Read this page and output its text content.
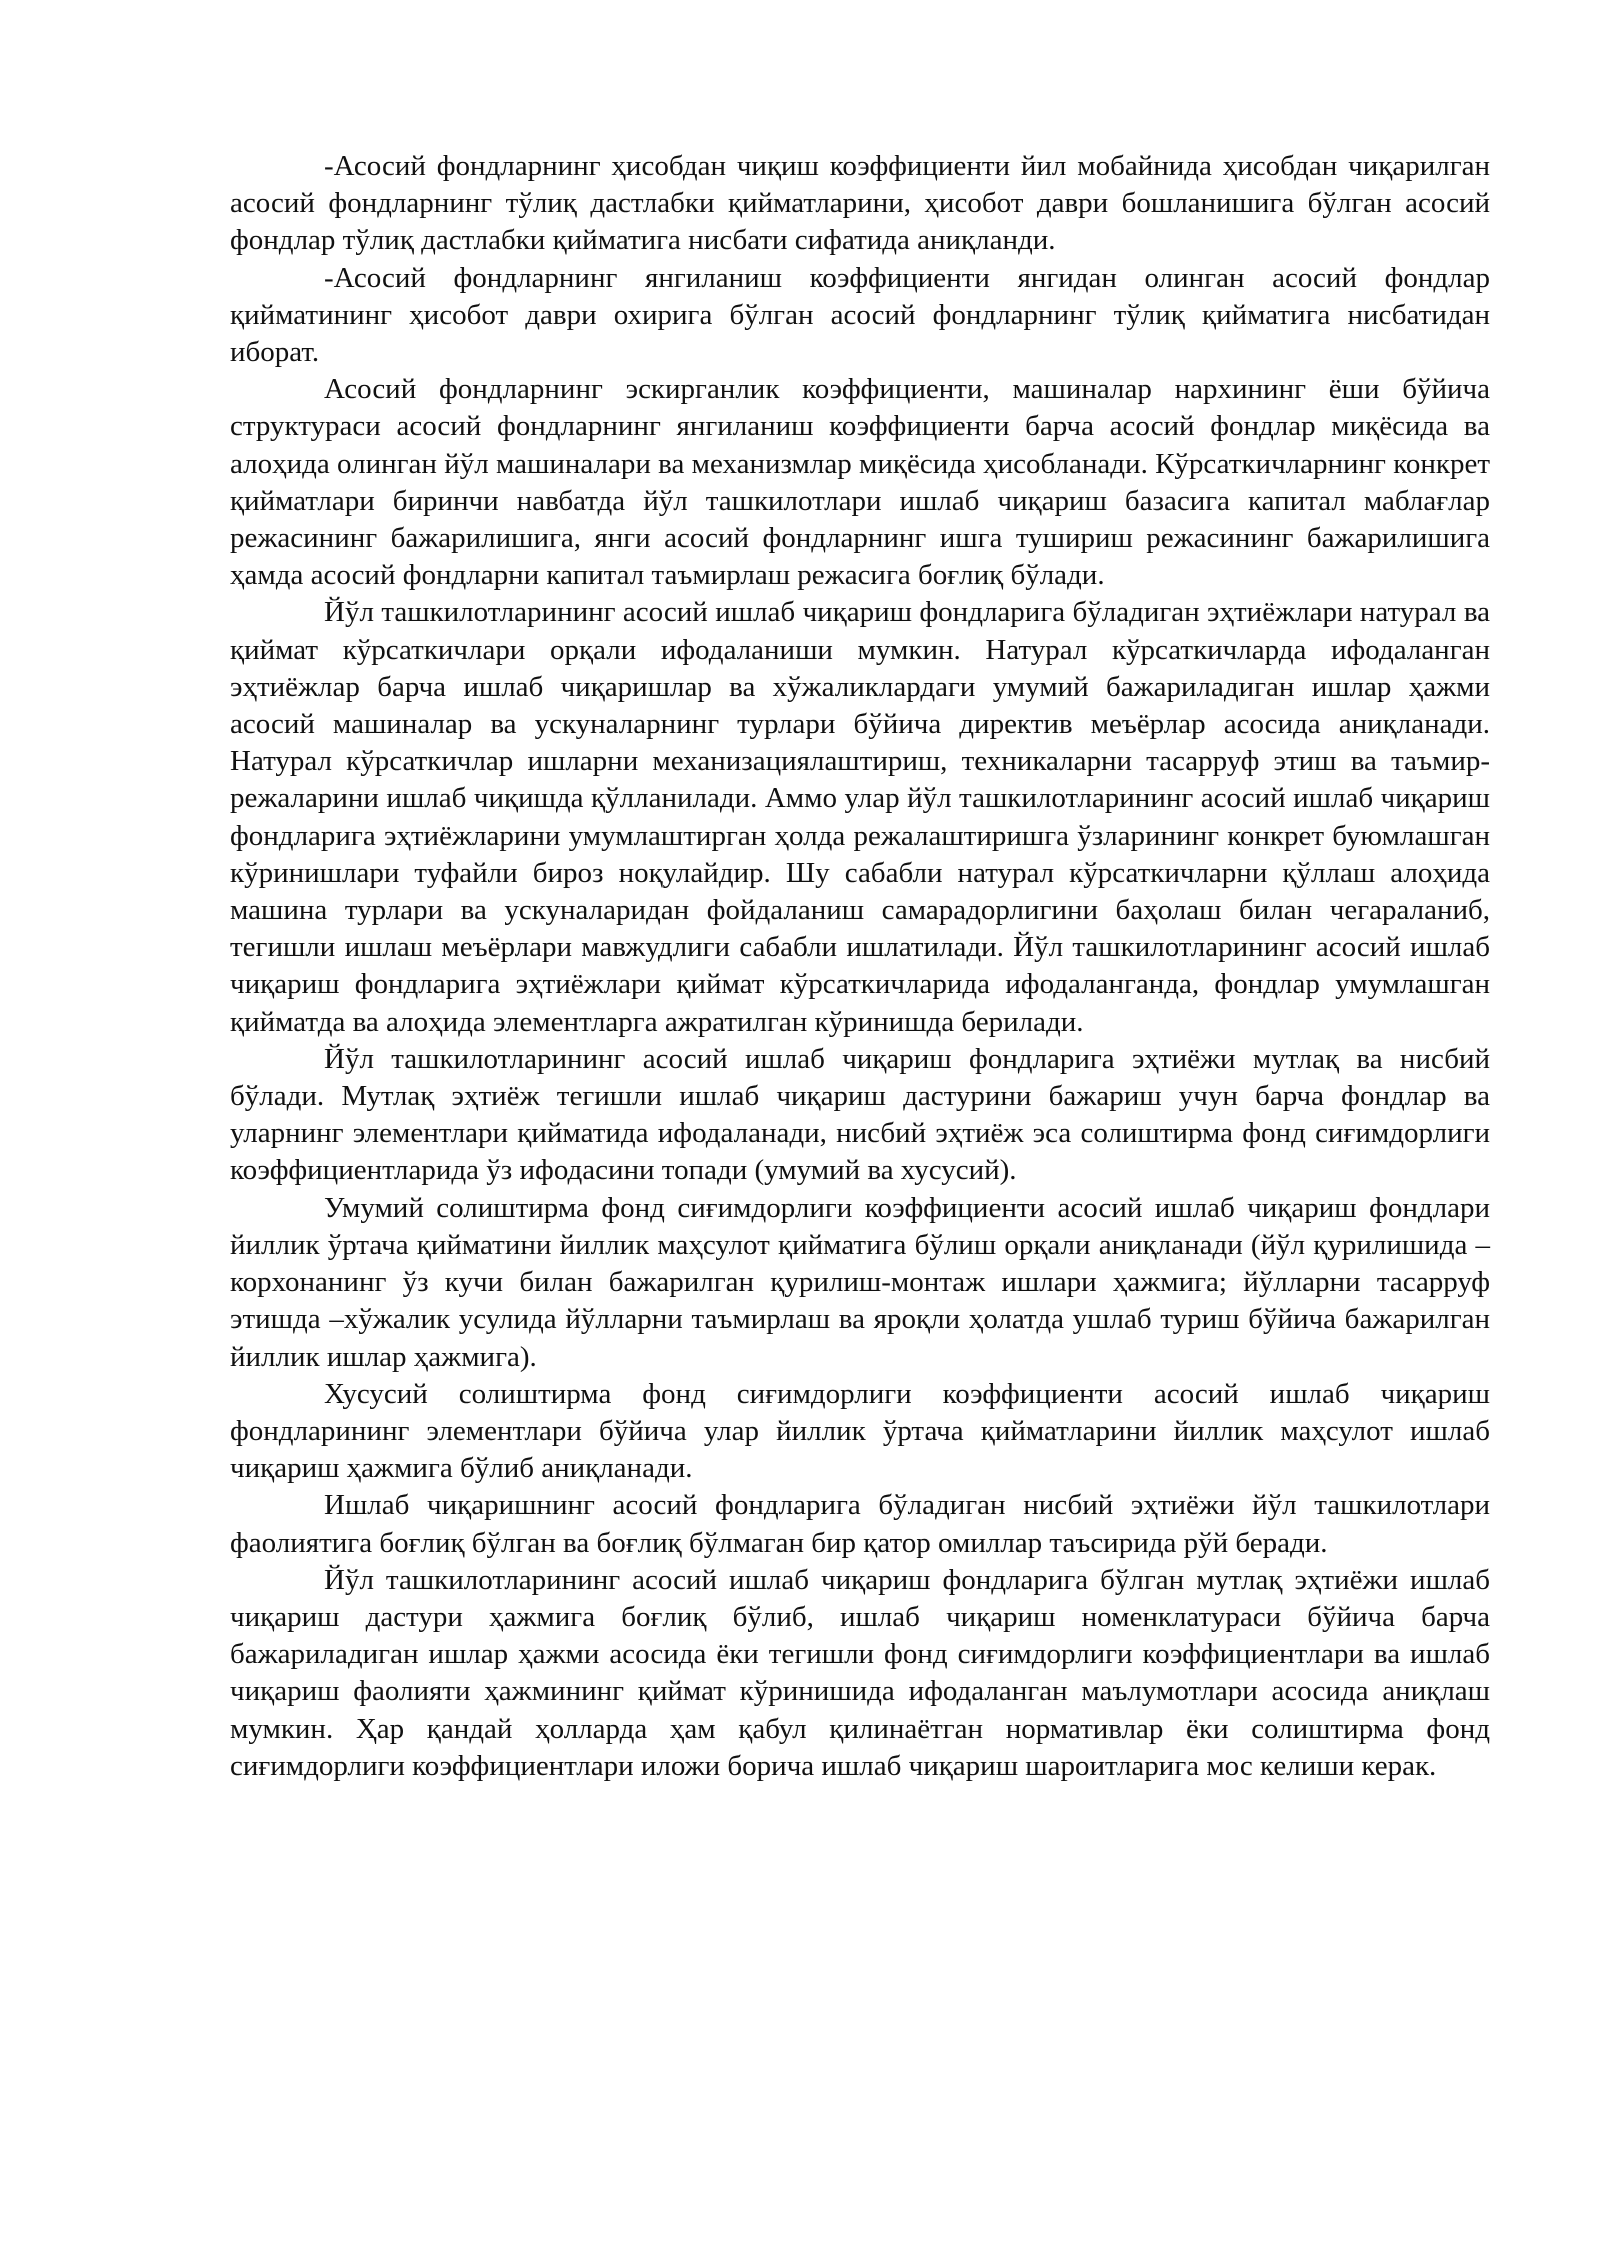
-Асосий фондларнинг ҳисобдан чиқиш коэффициенти йил мобайнида ҳисобдан чиқарилган асосий фондларнинг тўлиқ дастлабки қийматларини, ҳисобот даври бошланишига бўлган асосий фондлар тўлиқ дастлабки қийматига нисбати сифатида аниқланди.

-Асосий фондларнинг янгиланиш коэффициенти янгидан олинган асосий фондлар қийматининг ҳисобот даври охирига бўлган асосий фондларнинг тўлиқ қийматига нисбатидан иборат.

Асосий фондларнинг эскирганлик коэффициенти, машиналар нархининг ёши бўйича структураси асосий фондларнинг янгиланиш коэффициенти барча асосий фондлар миқёсида ва алоҳида олинган йўл машиналари ва механизмлар миқёсида ҳисобланади. Кўрсаткичларнинг конкрет қийматлари биринчи навбатда йўл ташкилотлари ишлаб чиқариш базасига капитал маблағлар режасининг бажарилишига, янги асосий фондларнинг ишга тушириш режасининг бажарилишига ҳамда асосий фондларни капитал таъмирлаш режасига боғлиқ бўлади.

Йўл ташкилотларининг асосий ишлаб чиқариш фондларига бўладиган эҳтиёжлари натурал ва қиймат кўрсаткичлари орқали ифодаланиши мумкин. Натурал кўрсаткичларда ифодаланган эҳтиёжлар барча ишлаб чиқаришлар ва хўжаликлардаги умумий бажариладиган ишлар ҳажми асосий машиналар ва ускуналарнинг турлари бўйича директив меъёрлар асосида аниқланади. Натурал кўрсаткичлар ишларни механизациялаштириш, техникаларни тасарруф этиш ва таъмир-режаларини ишлаб чиқишда қўлланилади. Аммо улар йўл ташкилотларининг асосий ишлаб чиқариш фондларига эҳтиёжларини умумлаштирган ҳолда режалаштиришга ўзларининг конкрет буюмлашган кўринишлари туфайли бироз ноқулайдир. Шу сабабли натурал кўрсаткичларни қўллаш алоҳида машина турлари ва ускуналаридан фойдаланиш самарадорлигини баҳолаш билан чегараланиб, тегишли ишлаш меъёрлари мавжудлиги сабабли ишлатилади. Йўл ташкилотларининг асосий ишлаб чиқариш фондларига эҳтиёжлари қиймат кўрсаткичларида ифодаланганда, фондлар умумлашган қийматда ва алоҳида элементларга ажратилган кўринишда берилади.

Йўл ташкилотларининг асосий ишлаб чиқариш фондларига эҳтиёжи мутлақ ва нисбий бўлади. Мутлақ эҳтиёж тегишли ишлаб чиқариш дастурини бажариш учун барча фондлар ва уларнинг элементлари қийматида ифодаланади, нисбий эҳтиёж эса солиштирма фонд сиғимдорлиги коэффициентларида ўз ифодасини топади (умумий ва хусусий).

Умумий солиштирма фонд сиғимдорлиги коэффициенти асосий ишлаб чиқариш фондлари йиллик ўртача қийматини йиллик маҳсулот қийматига бўлиш орқали аниқланади (йўл қурилишида –корхонанинг ўз кучи билан бажарилган қурилиш-монтаж ишлари ҳажмига; йўлларни тасарруф этишда –хўжалик усулида йўлларни таъмирлаш ва яроқли ҳолатда ушлаб туриш бўйича бажарилган йиллик ишлар ҳажмига).

Хусусий солиштирма фонд сиғимдорлиги коэффициенти асосий ишлаб чиқариш фондларининг элементлари бўйича улар йиллик ўртача қийматларини йиллик маҳсулот ишлаб чиқариш ҳажмига бўлиб аниқланади.

Ишлаб чиқаришнинг асосий фондларига бўладиган нисбий эҳтиёжи йўл ташкилотлари фаолиятига боғлиқ бўлган ва боғлиқ бўлмаган бир қатор омиллар таъсирида рўй беради.

Йўл ташкилотларининг асосий ишлаб чиқариш фондларига бўлган мутлақ эҳтиёжи ишлаб чиқариш дастури ҳажмига боғлиқ бўлиб, ишлаб чиқариш номенклатураси бўйича барча бажариладиган ишлар ҳажми асосида ёки тегишли фонд сиғимдорлиги коэффициентлари ва ишлаб чиқариш фаолияти ҳажмининг қиймат кўринишида ифодаланган маълумотлари асосида аниқлаш мумкин. Ҳар қандай ҳолларда ҳам қабул қилинаётган нормативлар ёки солиштирма фонд сиғимдорлиги коэффициентлари иложи борича ишлаб чиқариш шароитларига мос келиши керак.
